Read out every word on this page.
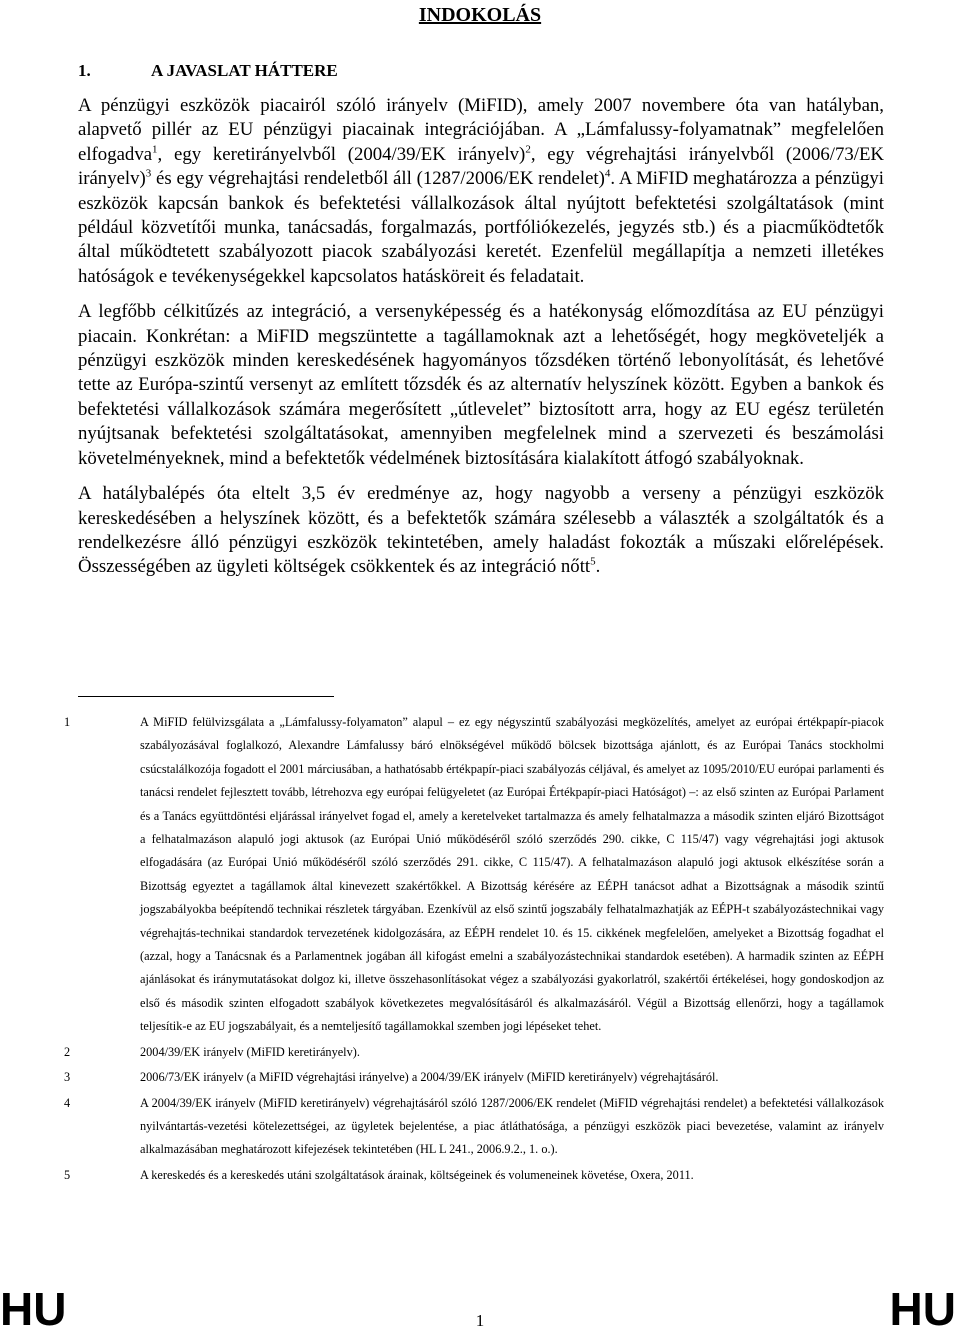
INDOKOLÁS
1.	A JAVASLAT HÁTTERE

A pénzügyi eszközök piacairól szóló irányelv (MiFID), amely 2007 novembere óta van hatályban, alapvető pillér az EU pénzügyi piacainak integrációjában. A „Lámfalussy-folyamatnak” megfelelően elfogadva$^1$, egy keretirányelvből (2004/39/EK irányelv)$^2$, egy végrehajtási irányelvből (2006/73/EK irányelv)$^3$ és egy végrehajtási rendeletből áll (1287/2006/EK rendelet)$^4$. A MiFID meghatározza a pénzügyi eszközök kapcsán bankok és befektetési vállalkozások által nyújtott befektetési szolgáltatások (mint például közvetítői munka, tanácsadás, forgalmazás, portfóliókezelés, jegyzés stb.) és a piacműködtetők által működtetett szabályozott piacok szabályozási keretét. Ezenfelül megállapítja a nemzeti illetékes hatóságok e tevékenységekkel kapcsolatos hatásköreit és feladatait.

A legfőbb célkitűzés az integráció, a versenyképesség és a hatékonyság előmozdítása az EU pénzügyi piacain. Konkrétan: a MiFID megszüntette a tagállamoknak azt a lehetőségét, hogy megköveteljék a pénzügyi eszközök minden kereskedésének hagyományos tőzsdéken történő lebonyolítását, és lehetővé tette az Európa-szintű versenyt az említett tőzsdék és az alternatív helyszínek között. Egyben a bankok és befektetési vállalkozások számára megerősített „útlevelet” biztosított arra, hogy az EU egész területén nyújtsanak befektetési szolgáltatásokat, amennyiben megfelelnek mind a szervezeti és beszámolási követelményeknek, mind a befektetők védelmének biztosítására kialakított átfogó szabályoknak.

A hatálybalépés óta eltelt 3,5 év eredménye az, hogy nagyobb a verseny a pénzügyi eszközök kereskedésében a helyszínek között, és a befektetők számára szélesebb a választék a szolgáltatók és a rendelkezésre álló pénzügyi eszközök tekintetében, amely haladást fokozták a műszaki előrelépések. Összességében az ügyleti költségek csökkentek és az integráció nőtt$^5$.

1	A MiFID felülvizsgálata a „Lámfalussy-folyamaton” alapul – ez egy négyszintű szabályozási megközelítés, amelyet az európai értékpapír-piacok szabályozásával foglalkozó, Alexandre Lámfalussy báró elnökségével működő bölcsek bizottsága ajánlott, és az Európai Tanács stockholmi csúcstalálkozója fogadott el 2001 márciusában, a hathatósabb értékpapír-piaci szabályozás céljával, és amelyet az 1095/2010/EU európai parlamenti és tanácsi rendelet fejlesztett tovább, létrehozva egy európai felügyeletet (az Európai Értékpapír-piaci Hatóságot) –: az első szinten az Európai Parlament és a Tanács együttdöntési eljárással irányelvet fogad el, amely a keretelveket tartalmazza és amely felhatalmazza a második szinten eljáró Bizottságot a felhatalmazáson alapuló jogi aktusok (az Európai Unió működéséről szóló szerződés 290. cikke, C 115/47) vagy végrehajtási jogi aktusok elfogadására (az Európai Unió működéséről szóló szerződés 291. cikke, C 115/47). A felhatalmazáson alapuló jogi aktusok elkészítése során a Bizottság egyeztet a tagállamok által kinevezett szakértőkkel. A Bizottság kérésére az EÉPH tanácsot adhat a Bizottságnak a második szintű jogszabályokba beépítendő technikai részletek tárgyában. Ezenkívül az első szintű jogszabály felhatalmazhatják az EÉPH-t szabályozástechnikai vagy végrehajtás-technikai standardok tervezetének kidolgozására, az EÉPH rendelet 10. és 15. cikkének megfelelően, amelyeket a Bizottság fogadhat el (azzal, hogy a Tanácsnak és a Parlamentnek jogában áll kifogást emelni a szabályozástechnikai standardok esetében). A harmadik szinten az EÉPH ajánlásokat és iránymutatásokat dolgoz ki, illetve összehasonlításokat végez a szabályozási gyakorlatról, szakértői értékelései, hogy gondoskodjon az első és második szinten elfogadott szabályok következetes megvalósításáról és alkalmazásáról. Végül a Bizottság ellenőrzi, hogy a tagállamok teljesítik-e az EU jogszabályait, és a nemteljesítő tagállamokkal szemben jogi lépéseket tehet.
2	2004/39/EK irányelv (MiFID keretirányelv).
3	2006/73/EK irányelv (a MiFID végrehajtási irányelve) a 2004/39/EK irányelv (MiFID keretirányelv) végrehajtásáról.
4	A 2004/39/EK irányelv (MiFID keretirányelv) végrehajtásáról szóló 1287/2006/EK rendelet (MiFID végrehajtási rendelet) a befektetési vállalkozások nyilvántartás-vezetési kötelezettségei, az ügyletek bejelentése, a piac átláthatósága, a pénzügyi eszközök piaci bevezetése, valamint az irányelv alkalmazásában meghatározott kifejezések tekintetében (HL L 241., 2006.9.2., 1. o.).
5	A kereskedés és a kereskedés utáni szolgáltatások árainak, költségeinek és volumeneinek követése, Oxera, 2011.
HU	1	HU
